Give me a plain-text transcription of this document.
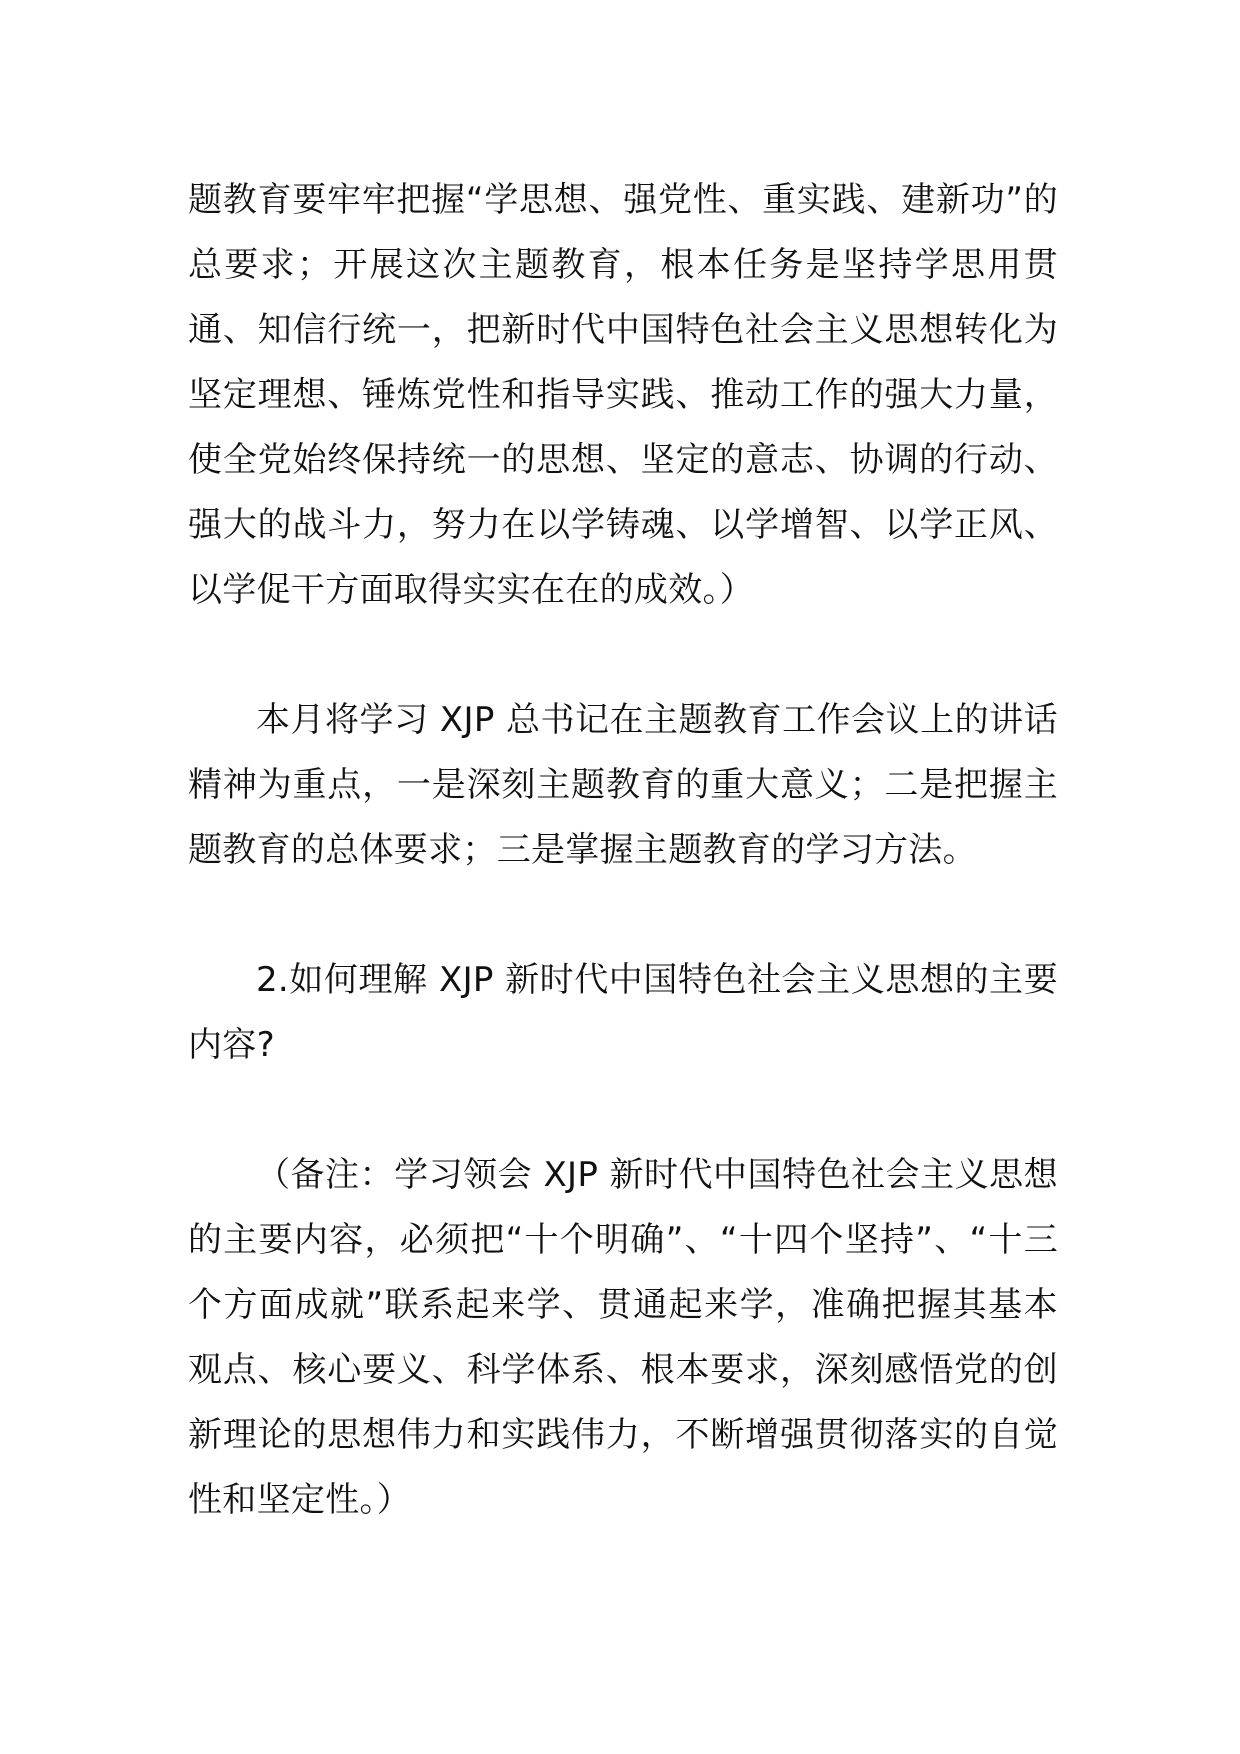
题教育要牢牢把握“学思想、强党性、重实践、建新功”的总要求；开展这次主题教育，根本任务是坚持学思用贯通、知信行统一，把新时代中国特色社会主义思想转化为坚定理想、锤炼党性和指导实践、推动工作的强大力量，使全党始终保持统一的思想、坚定的意志、协调的行动、强大的战斗力，努力在以学铸魂、以学增智、以学正风、以学促干方面取得实实在在的成效。）

本月将学习 XJP 总书记在主题教育工作会议上的讲话精神为重点，一是深刻主题教育的重大意义；二是把握主题教育的总体要求；三是掌握主题教育的学习方法。

2.如何理解 XJP 新时代中国特色社会主义思想的主要内容?

（备注：学习领会 XJP 新时代中国特色社会主义思想的主要内容，必须把“十个明确”、“十四个坚持”、“十三个方面成就”联系起来学、贯通起来学，准确把握其基本观点、核心要义、科学体系、根本要求，深刻感悟党的创新理论的思想伟力和实践伟力，不断增强贯彻落实的自觉性和坚定性。）
